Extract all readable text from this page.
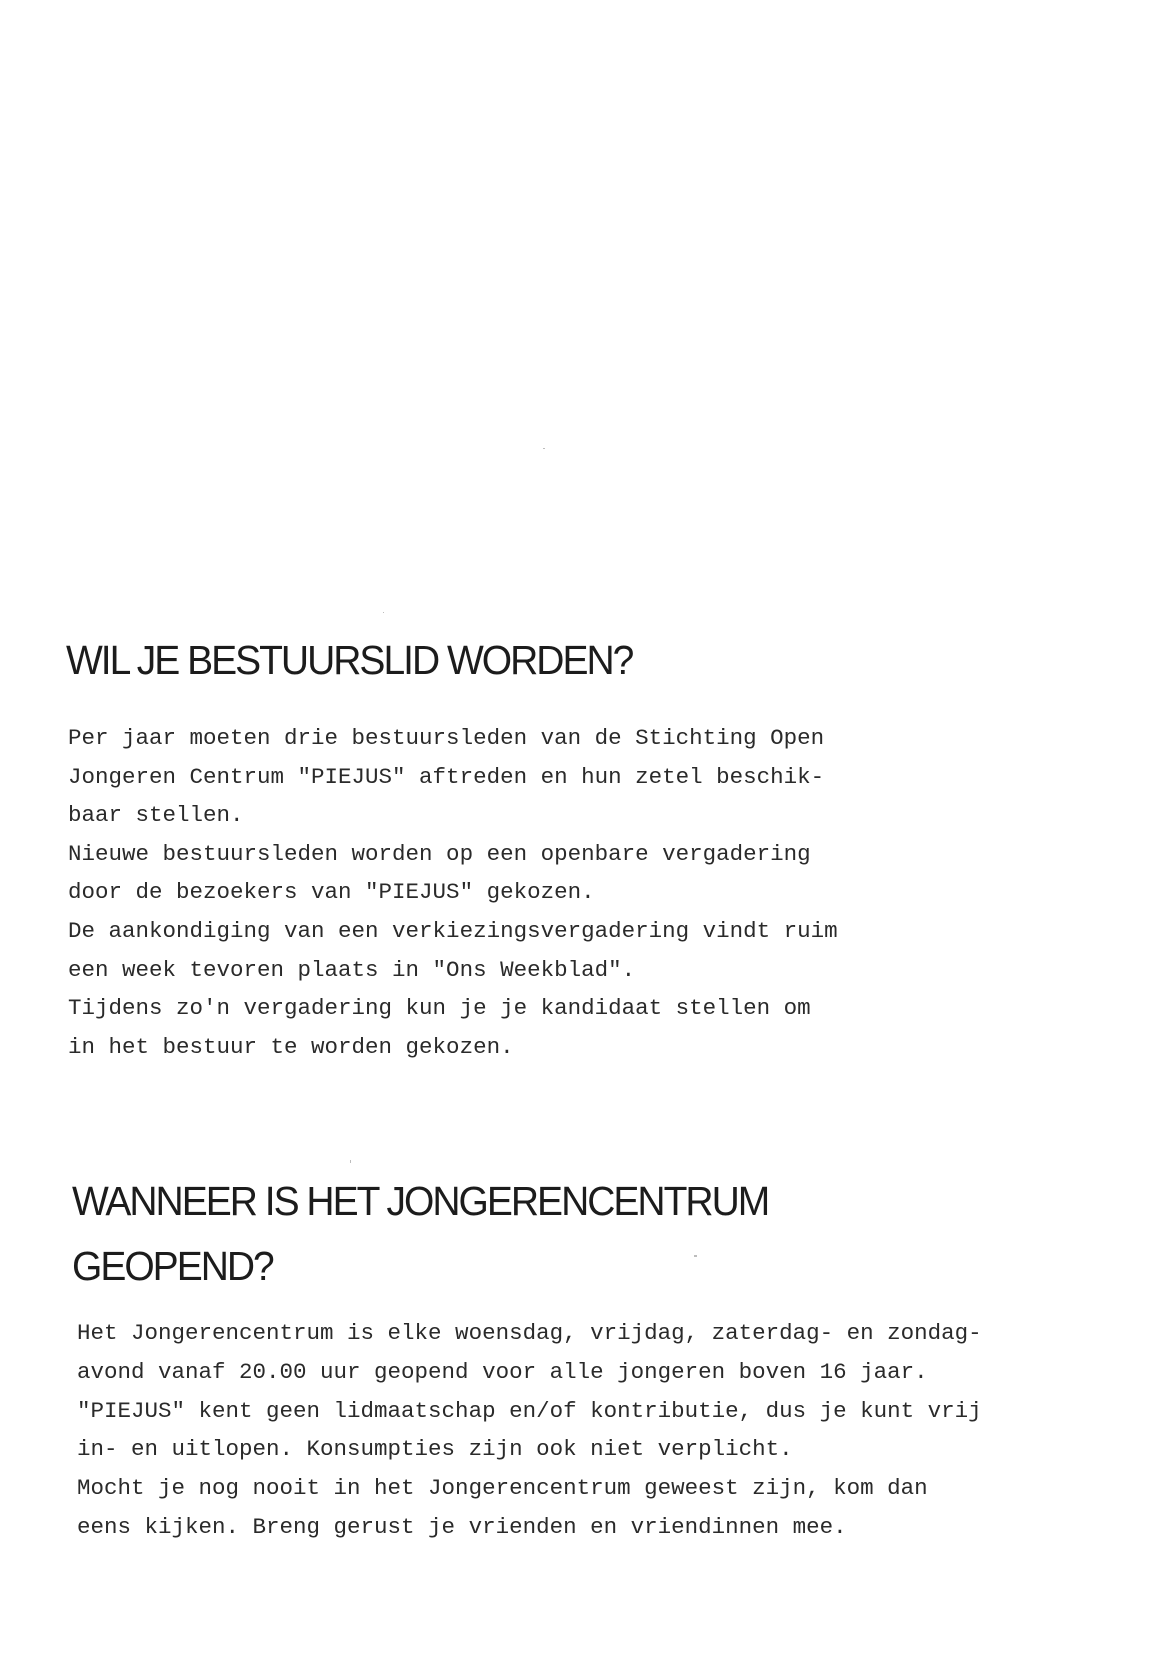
WIL JE BESTUURSLID WORDEN?
Per jaar moeten drie bestuursleden van de Stichting Open
Jongeren Centrum "PIEJUS" aftreden en hun zetel beschik-
baar stellen.
Nieuwe bestuursleden worden op een openbare vergadering
door de bezoekers van "PIEJUS" gekozen.
De aankondiging van een verkiezingsvergadering vindt ruim
een week tevoren plaats in "Ons Weekblad".
Tijdens zo'n vergadering kun je je kandidaat stellen om
in het bestuur te worden gekozen.
WANNEER IS HET JONGERENCENTRUM
GEOPEND?
Het Jongerencentrum is elke woensdag, vrijdag, zaterdag- en zondag-
avond vanaf 20.00 uur geopend voor alle jongeren boven 16 jaar.
"PIEJUS" kent geen lidmaatschap en/of kontributie, dus je kunt vrij
in- en uitlopen. Konsumpties zijn ook niet verplicht.
Mocht je nog nooit in het Jongerencentrum geweest zijn, kom dan
eens kijken. Breng gerust je vrienden en vriendinnen mee.
